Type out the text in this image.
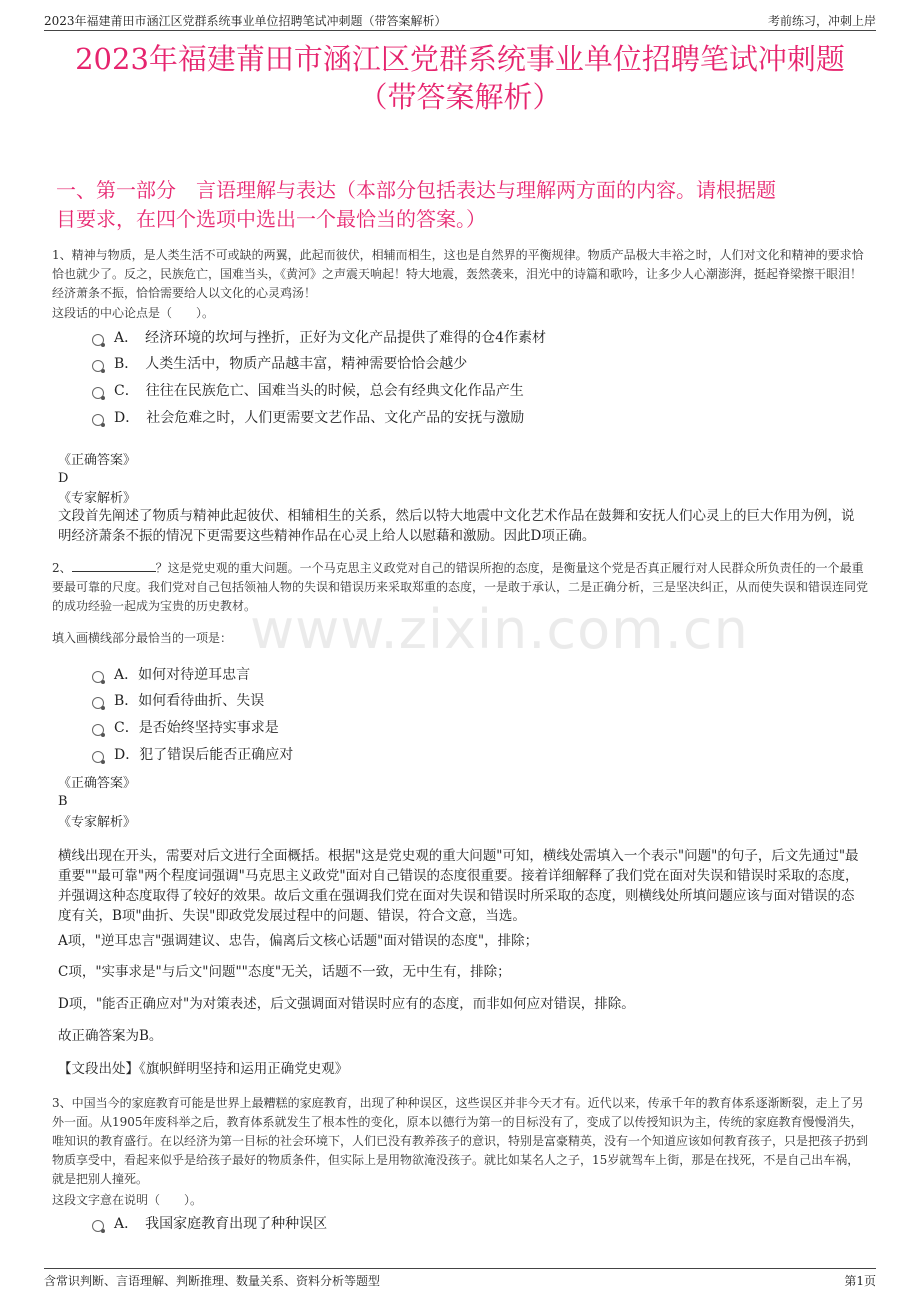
2023年福建莆田市涵江区党群系统事业单位招聘笔试冲刺题（带答案解析）	考前练习，冲刺上岸
2023年福建莆田市涵江区党群系统事业单位招聘笔试冲刺题
（带答案解析）
一、第一部分　言语理解与表达（本部分包括表达与理解两方面的内容。请根据题
目要求，在四个选项中选出一个最恰当的答案。）
1、精神与物质，是人类生活不可或缺的两翼，此起而彼伏，相辅而相生，这也是自然界的平衡规律。物质产品极大丰裕之时，人们对文化和精神的要求恰恰也就少了。反之，民族危亡，国难当头，《黄河》之声震天响起！特大地震，轰然袭来，泪光中的诗篇和歌吟，让多少人心潮澎湃，挺起脊梁擦干眼泪！经济萧条不振，恰恰需要给人以文化的心灵鸡汤！
这段话的中心论点是（　　）。
A．　经济环境的坎坷与挫折，正好为文化产品提供了难得的仓4作素材
B．　人类生活中，物质产品越丰富，精神需要恰恰会越少
C．　往往在民族危亡、国难当头的时候，总会有经典文化作品产生
D．　社会危难之时，人们更需要文艺作品、文化产品的安抚与激励
《正确答案》
D
《专家解析》
文段首先阐述了物质与精神此起彼伏、相辅相生的关系，然后以特大地震中文化艺术作品在鼓舞和安抚人们心灵上的巨大作用为例，说明经济萧条不振的情况下更需要这些精神作品在心灵上给人以慰藉和激励。因此D项正确。
2、	？这是党史观的重大问题。一个马克思主义政党对自己的错误所抱的态度，是衡量这个党是否真正履行对人民群众所负责任的一个最重要最可靠的尺度。我们党对自己包括领袖人物的失误和错误历来采取郑重的态度，一是敢于承认，二是正确分析，三是坚决纠正，从而使失误和错误连同党的成功经验一起成为宝贵的历史教材。
填入画横线部分最恰当的一项是： www.zixin.com.cn
A．如何对待逆耳忠言
B．如何看待曲折、失误
C．是否始终坚持实事求是
D．犯了错误后能否正确应对
《正确答案》
B
《专家解析》
横线出现在开头，需要对后文进行全面概括。根据"这是党史观的重大问题"可知，横线处需填入一个表示"问题"的句子，后文先通过"最重要""最可靠"两个程度词强调"马克思主义政党"面对自己错误的态度很重要。接着详细解释了我们党在面对失误和错误时采取的态度，并强调这种态度取得了较好的效果。故后文重在强调我们党在面对失误和错误时所采取的态度，则横线处所填问题应该与面对错误的态度有关，B项"曲折、失误"即政党发展过程中的问题、错误，符合文意，当选。
A项，"逆耳忠言"强调建议、忠告，偏离后文核心话题"面对错误的态度"，排除；
C项，"实事求是"与后文"问题""态度"无关，话题不一致，无中生有，排除；
D项，"能否正确应对"为对策表述，后文强调面对错误时应有的态度，而非如何应对错误，排除。
故正确答案为B。
【文段出处】《旗帜鲜明坚持和运用正确党史观》
3、中国当今的家庭教育可能是世界上最糟糕的家庭教育，出现了种种误区，这些误区并非今天才有。近代以来，传承千年的教育体系逐渐断裂，走上了另外一面。从1905年废科举之后，教育体系就发生了根本性的变化，原本以德行为第一的目标没有了，变成了以传授知识为主，传统的家庭教育慢慢消失，唯知识的教育盛行。在以经济为第一目标的社会环境下，人们已没有教养孩子的意识，特别是富豪精英，没有一个知道应该如何教育孩子，只是把孩子扔到物质享受中，看起来似乎是给孩子最好的物质条件，但实际上是用物欲淹没孩子。就比如某名人之子，15岁就驾车上街，那是在找死，不是自己出车祸，就是把别人撞死。
这段文字意在说明（　　）。
A．　我国家庭教育出现了种种误区
含常识判断、言语理解、判断推理、数量关系、资料分析等题型	第1页
